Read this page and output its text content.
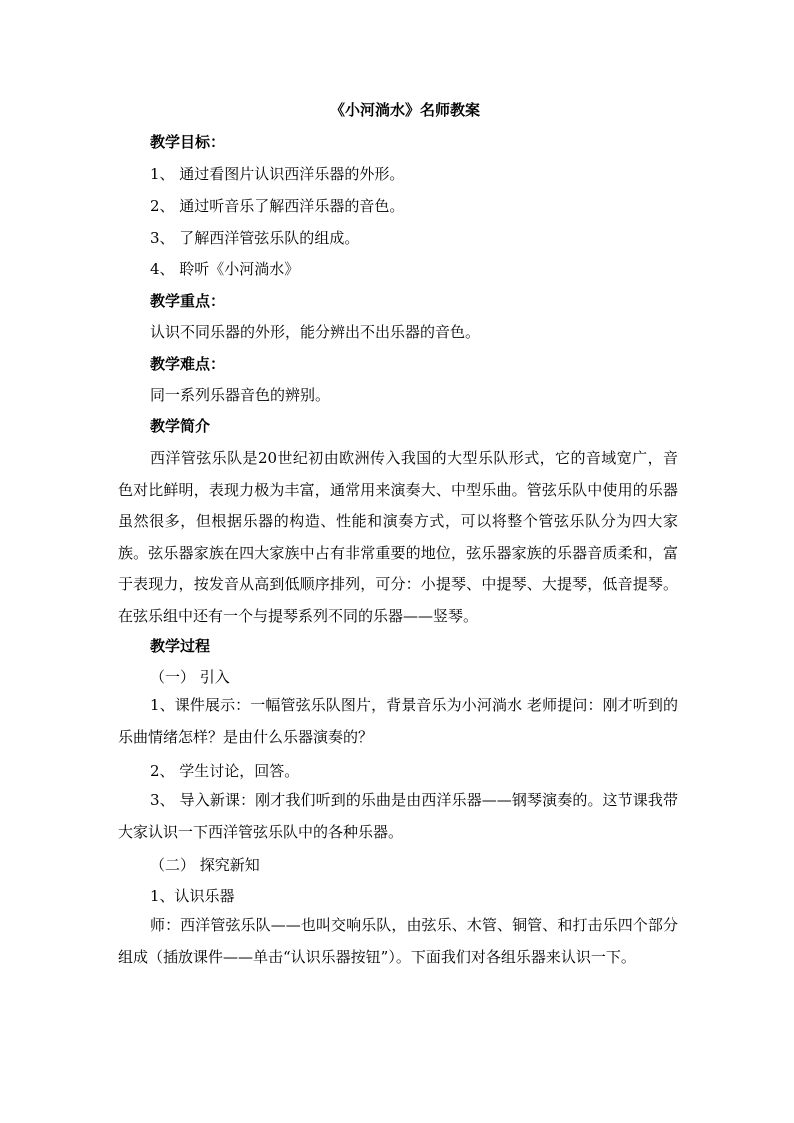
《小河淌水》名师教案
教学目标：
1、 通过看图片认识西洋乐器的外形。
2、 通过听音乐了解西洋乐器的音色。
3、 了解西洋管弦乐队的组成。
4、 聆听《小河淌水》
教学重点：
认识不同乐器的外形，能分辨出不出乐器的音色。
教学难点：
同一系列乐器音色的辨别。
教学简介
西洋管弦乐队是20世纪初由欧洲传入我国的大型乐队形式，它的音域宽广，音色对比鲜明，表现力极为丰富，通常用来演奏大、中型乐曲。管弦乐队中使用的乐器虽然很多，但根据乐器的构造、性能和演奏方式，可以将整个管弦乐队分为四大家族。弦乐器家族在四大家族中占有非常重要的地位，弦乐器家族的乐器音质柔和，富于表现力，按发音从高到低顺序排列，可分：小提琴、中提琴、大提琴，低音提琴。在弦乐组中还有一个与提琴系列不同的乐器——竖琴。
教学过程
（一） 引入
1、课件展示：一幅管弦乐队图片，背景音乐为小河淌水 老师提问：刚才听到的乐曲情绪怎样？是由什么乐器演奏的？
2、 学生讨论，回答。
3、 导入新课：刚才我们听到的乐曲是由西洋乐器——钢琴演奏的。这节课我带大家认识一下西洋管弦乐队中的各种乐器。
（二） 探究新知
1、认识乐器
师：西洋管弦乐队——也叫交响乐队，由弦乐、木管、铜管、和打击乐四个部分组成（插放课件——单击“认识乐器按钮”）。下面我们对各组乐器来认识一下。
